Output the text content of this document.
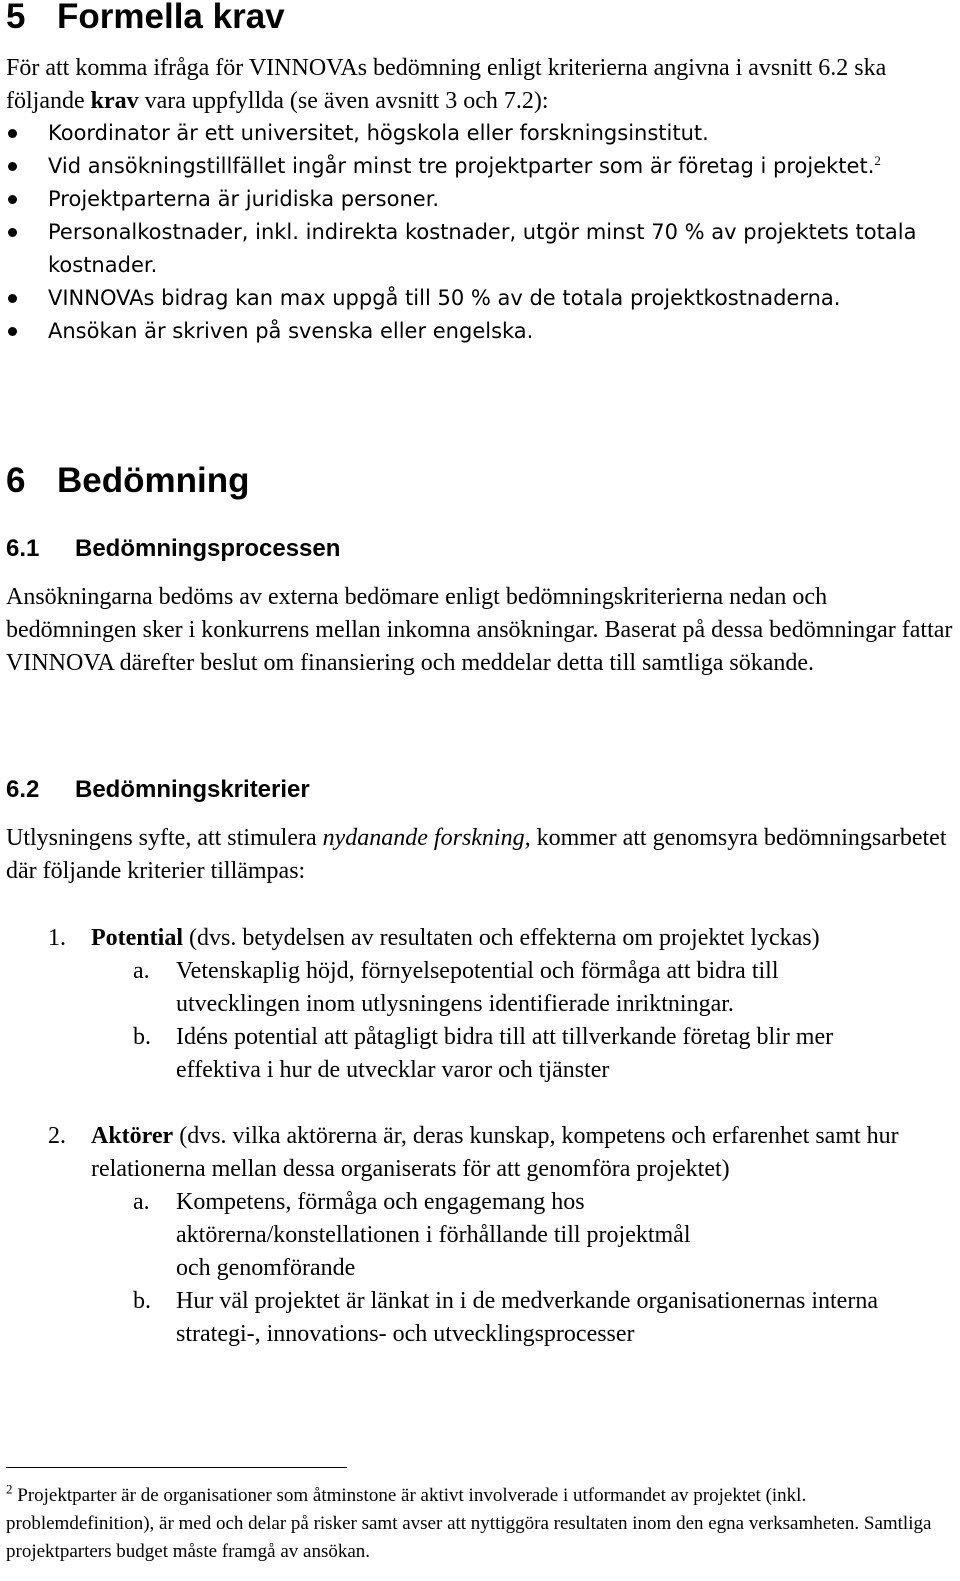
5 Formella krav

För att komma ifråga för VINNOVAs bedömning enligt kriterierna angivna i avsnitt 6.2 ska följande krav vara uppfyllda (se även avsnitt 3 och 7.2):

Koordinator är ett universitet, högskola eller forskningsinstitut.
Vid ansökningstillfället ingår minst tre projektparter som är företag i projektet.$^2$
Projektparterna är juridiska personer.
Personalkostnader, inkl. indirekta kostnader, utgör minst 70 % av projektets totala kostnader.
VINNOVAs bidrag kan max uppgå till 50 % av de totala projektkostnaderna.
Ansökan är skriven på svenska eller engelska.
6 Bedömning
6.1 Bedömningsprocessen

Ansökningarna bedöms av externa bedömare enligt bedömningskriterierna nedan och bedömningen sker i konkurrens mellan inkomna ansökningar. Baserat på dessa bedömningar fattar VINNOVA därefter beslut om finansiering och meddelar detta till samtliga sökande.

6.2 Bedömningskriterier

Utlysningens syfte, att stimulera nydanande forskning, kommer att genomsyra bedömningsarbetet där följande kriterier tillämpas:

1. Potential (dvs. betydelsen av resultaten och effekterna om projektet lyckas)
a. Vetenskaplig höjd, förnyelsepotential och förmåga att bidra till utvecklingen inom utlysningens identifierade inriktningar.
b. Idéns potential att påtagligt bidra till att tillverkande företag blir mer effektiva i hur de utvecklar varor och tjänster
2. Aktörer (dvs. vilka aktörerna är, deras kunskap, kompetens och erfarenhet samt hur relationerna mellan dessa organiserats för att genomföra projektet)
a. Kompetens, förmåga och engagemang hos aktörerna/konstellationen i förhållande till projektmål och genomförande
b. Hur väl projektet är länkat in i de medverkande organisationernas interna strategi-, innovations- och utvecklingsprocesser

$^2$ Projektparter är de organisationer som åtminstone är aktivt involverade i utformandet av projektet (inkl. problemdefinition), är med och delar på risker samt avser att nyttiggöra resultaten inom den egna verksamheten. Samtliga projektparters budget måste framgå av ansökan.
